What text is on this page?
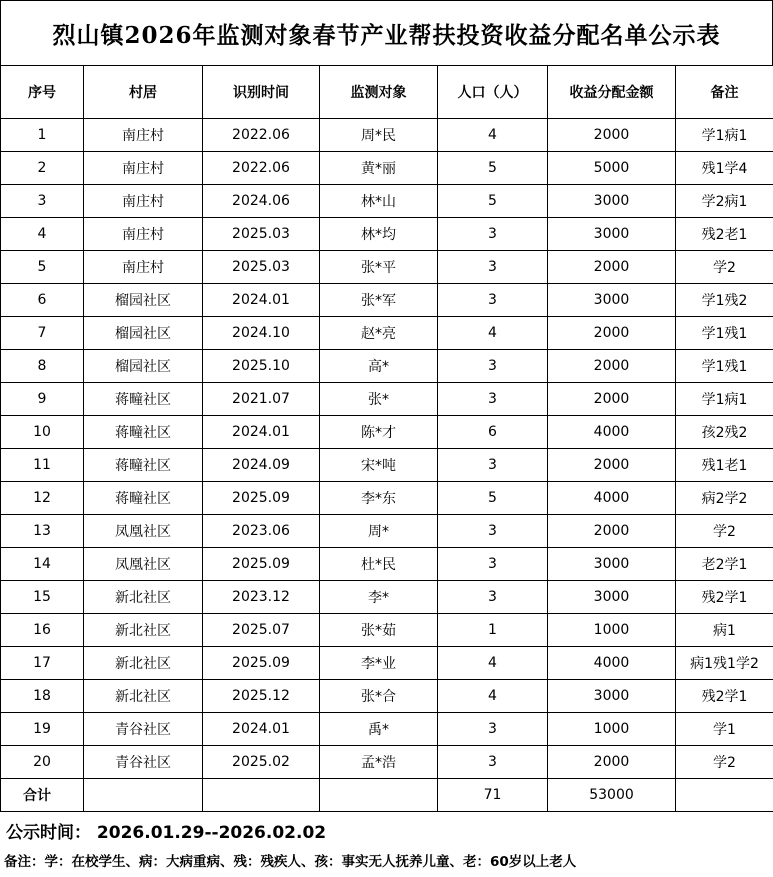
烈山镇2026年监测对象春节产业帮扶投资收益分配名单公示表
序号	村居	识别时间	监测对象	人口（人）	收益分配金额	备注
1	南庄村	2022.06	周*民	4	2000	学1病1
2	南庄村	2022.06	黄*丽	5	5000	残1学4
3	南庄村	2024.06	林*山	5	3000	学2病1
4	南庄村	2025.03	林*均	3	3000	残2老1
5	南庄村	2025.03	张*平	3	2000	学2
6	榴园社区	2024.01	张*军	3	3000	学1残2
7	榴园社区	2024.10	赵*亮	4	2000	学1残1
8	榴园社区	2025.10	高*	3	2000	学1残1
9	蒋疃社区	2021.07	张*	3	2000	学1病1
10	蒋疃社区	2024.01	陈*才	6	4000	孩2残2
11	蒋疃社区	2024.09	宋*吨	3	2000	残1老1
12	蒋疃社区	2025.09	李*东	5	4000	病2学2
13	凤凰社区	2023.06	周*	3	2000	学2
14	凤凰社区	2025.09	杜*民	3	3000	老2学1
15	新北社区	2023.12	李*	3	3000	残2学1
16	新北社区	2025.07	张*茹	1	1000	病1
17	新北社区	2025.09	李*业	4	4000	病1残1学2
18	新北社区	2025.12	张*合	4	3000	残2学1
19	青谷社区	2024.01	禹*	3	1000	学1
20	青谷社区	2025.02	孟*浩	3	2000	学2
合计				71	53000	
公示时间： 2026.01.29--2026.02.02
备注：学：在校学生、病：大病重病、残：残疾人、孩：事实无人抚养儿童、老：60岁以上老人
